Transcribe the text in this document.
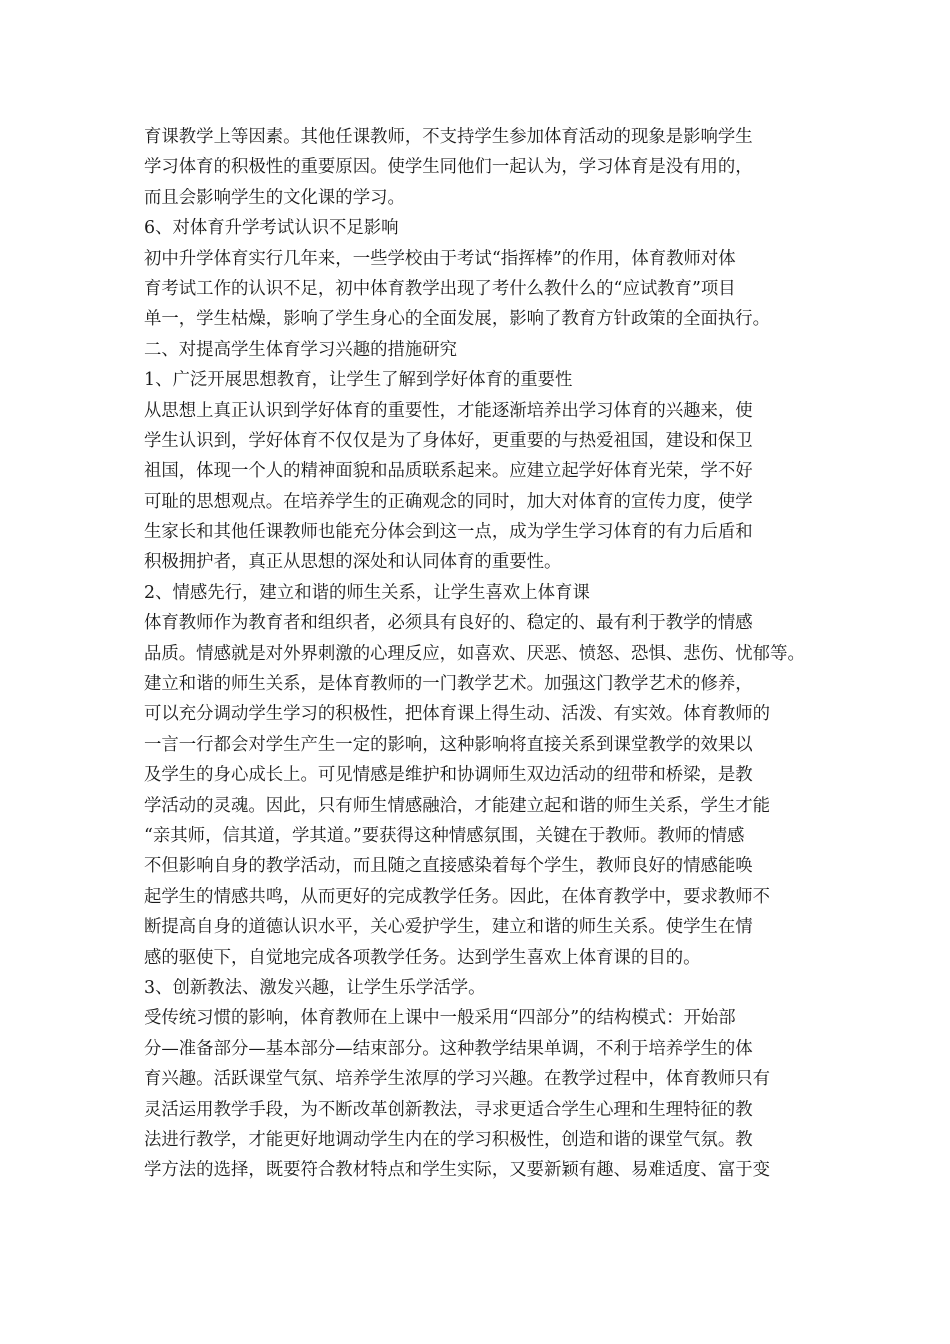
育课教学上等因素。其他任课教师，不支持学生参加体育活动的现象是影响学生
学习体育的积极性的重要原因。使学生同他们一起认为，学习体育是没有用的，
而且会影响学生的文化课的学习。
6、对体育升学考试认识不足影响
初中升学体育实行几年来，一些学校由于考试“指挥棒”的作用，体育教师对体
育考试工作的认识不足，初中体育教学出现了考什么教什么的“应试教育”项目
单一，学生枯燥，影响了学生身心的全面发展，影响了教育方针政策的全面执行。
二、对提高学生体育学习兴趣的措施研究
1、广泛开展思想教育，让学生了解到学好体育的重要性
从思想上真正认识到学好体育的重要性，才能逐渐培养出学习体育的兴趣来，使
学生认识到，学好体育不仅仅是为了身体好，更重要的与热爱祖国，建设和保卫
祖国，体现一个人的精神面貌和品质联系起来。应建立起学好体育光荣，学不好
可耻的思想观点。在培养学生的正确观念的同时，加大对体育的宣传力度，使学
生家长和其他任课教师也能充分体会到这一点，成为学生学习体育的有力后盾和
积极拥护者，真正从思想的深处和认同体育的重要性。
2、情感先行，建立和谐的师生关系，让学生喜欢上体育课
体育教师作为教育者和组织者，必须具有良好的、稳定的、最有利于教学的情感
品质。情感就是对外界刺激的心理反应，如喜欢、厌恶、愤怒、恐惧、悲伤、忧郁等。
建立和谐的师生关系，是体育教师的一门教学艺术。加强这门教学艺术的修养，
可以充分调动学生学习的积极性，把体育课上得生动、活泼、有实效。体育教师的
一言一行都会对学生产生一定的影响，这种影响将直接关系到课堂教学的效果以
及学生的身心成长上。可见情感是维护和协调师生双边活动的纽带和桥梁，是教
学活动的灵魂。因此，只有师生情感融洽，才能建立起和谐的师生关系，学生才能
“亲其师，信其道，学其道。”要获得这种情感氛围，关键在于教师。教师的情感
不但影响自身的教学活动，而且随之直接感染着每个学生，教师良好的情感能唤
起学生的情感共鸣，从而更好的完成教学任务。因此，在体育教学中，要求教师不
断提高自身的道德认识水平，关心爱护学生，建立和谐的师生关系。使学生在情
感的驱使下，自觉地完成各项教学任务。达到学生喜欢上体育课的目的。
3、创新教法、激发兴趣，让学生乐学活学。
受传统习惯的影响，体育教师在上课中一般采用“四部分”的结构模式：开始部
分—准备部分—基本部分—结束部分。这种教学结果单调，不利于培养学生的体
育兴趣。活跃课堂气氛、培养学生浓厚的学习兴趣。在教学过程中，体育教师只有
灵活运用教学手段，为不断改革创新教法，寻求更适合学生心理和生理特征的教
法进行教学，才能更好地调动学生内在的学习积极性，创造和谐的课堂气氛。教
学方法的选择，既要符合教材特点和学生实际，又要新颖有趣、易难适度、富于变
